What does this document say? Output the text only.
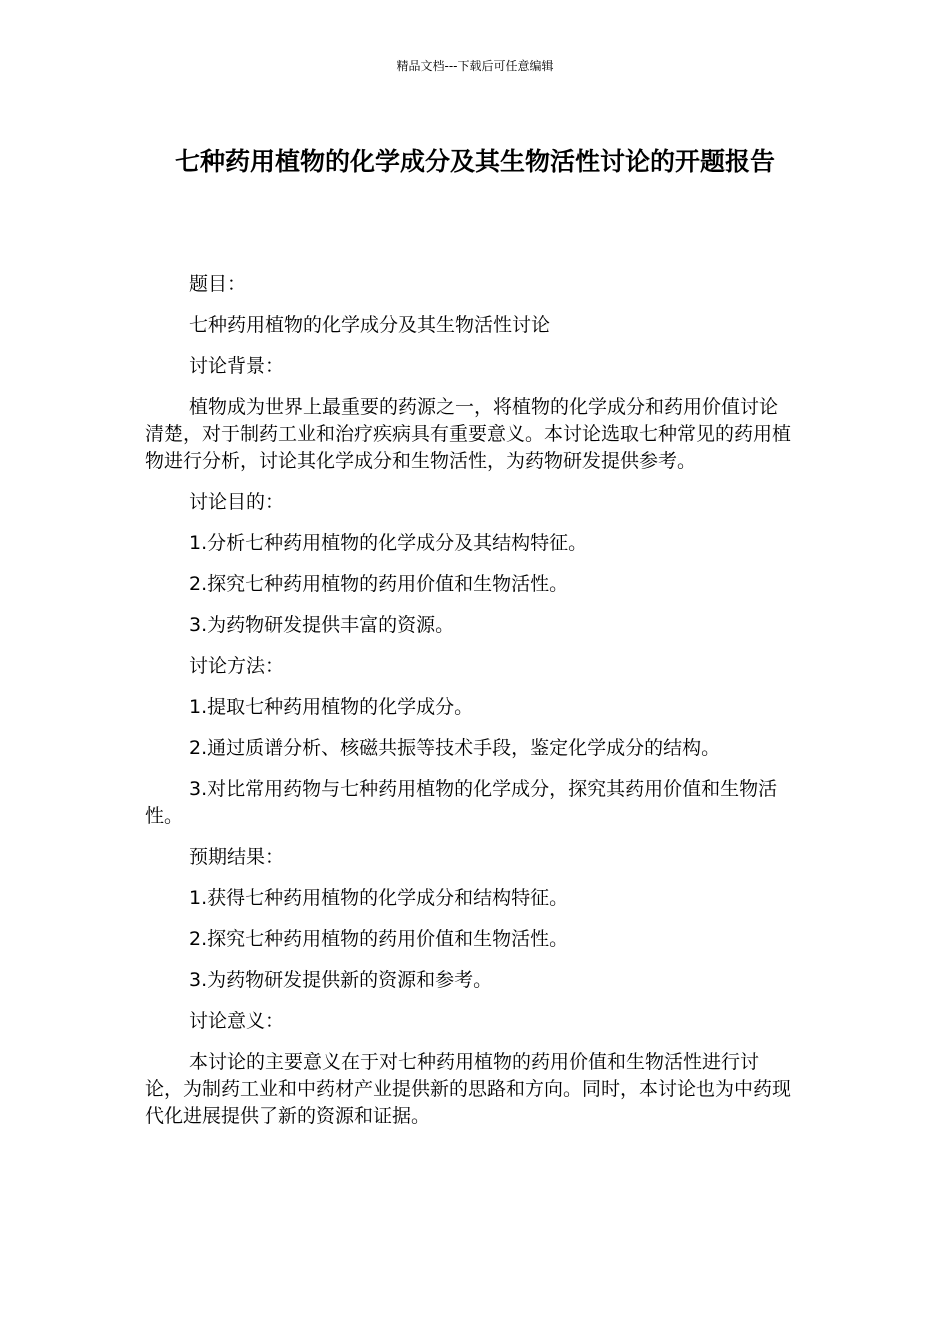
精品文档---下载后可任意编辑
七种药用植物的化学成分及其生物活性讨论的开题报告

题目：

七种药用植物的化学成分及其生物活性讨论

讨论背景：

植物成为世界上最重要的药源之一，将植物的化学成分和药用价值讨论清楚，对于制药工业和治疗疾病具有重要意义。本讨论选取七种常见的药用植物进行分析，讨论其化学成分和生物活性，为药物研发提供参考。

讨论目的：

1.分析七种药用植物的化学成分及其结构特征。

2.探究七种药用植物的药用价值和生物活性。

3.为药物研发提供丰富的资源。

讨论方法：

1.提取七种药用植物的化学成分。

2.通过质谱分析、核磁共振等技术手段，鉴定化学成分的结构。

3.对比常用药物与七种药用植物的化学成分，探究其药用价值和生物活性。

预期结果：

1.获得七种药用植物的化学成分和结构特征。

2.探究七种药用植物的药用价值和生物活性。

3.为药物研发提供新的资源和参考。

讨论意义：

本讨论的主要意义在于对七种药用植物的药用价值和生物活性进行讨论，为制药工业和中药材产业提供新的思路和方向。同时，本讨论也为中药现代化进展提供了新的资源和证据。
